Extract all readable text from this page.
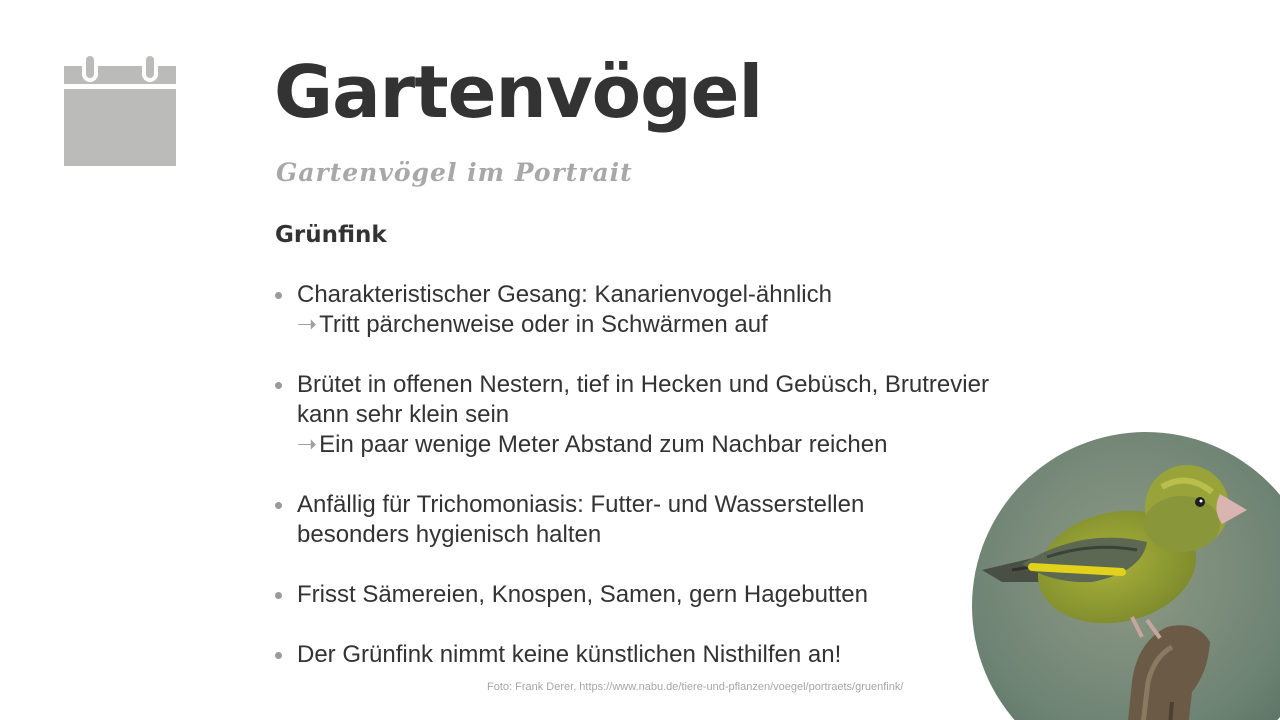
Gartenvögel
Gartenvögel im Portrait
Grünfink
Charakteristischer Gesang: Kanarienvogel-ähnlich
➝Tritt pärchenweise oder in Schwärmen auf
Brütet in offenen Nestern, tief in Hecken und Gebüsch, Brutrevier
kann sehr klein sein
➝Ein paar wenige Meter Abstand zum Nachbar reichen
Anfällig für Trichomoniasis: Futter- und Wasserstellen
besonders hygienisch halten
Frisst Sämereien, Knospen, Samen, gern Hagebutten
Der Grünfink nimmt keine künstlichen Nisthilfen an!

Foto: Frank Derer, https://www.nabu.de/tiere-und-pflanzen/voegel/portraets/gruenfink/
